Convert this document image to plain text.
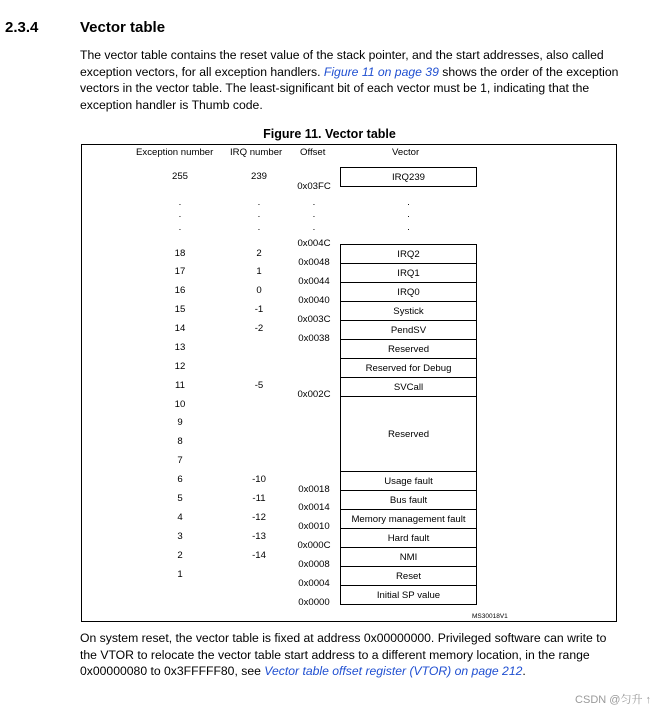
2.3.4	Vector table
The vector table contains the reset value of the stack pointer, and the start addresses, also called exception vectors, for all exception handlers. Figure 11 on page 39 shows the order of the exception vectors in the vector table. The least-significant bit of each vector must be 1, indicating that the exception handler is Thumb code.
Figure 11. Vector table
Exception number IRQ number Offset	Vector
255
.
.
.
18
17
16
15
14
13
12
11
10
9
8
7
6
5
4
3
2
1
239
.
.
.
2
1
0
-1
-2
-5
-10
-11
-12
-13
-14
0x03FC
.
.
.
0x004C
0x0048
0x0044
0x0040
0x003C
0x0038
0x002C
0x0018
0x0014
0x0010
0x000C
0x0008
0x0004
0x0000
IRQ239
.
.
.
IRQ2
IRQ1
IRQ0
Systick
PendSV
Reserved
Reserved for Debug
SVCall
Reserved
Usage fault
Bus fault
Memory management fault
Hard fault
NMI
Reset
Initial SP value
MS30018V1
On system reset, the vector table is fixed at address 0x00000000. Privileged software can write to the VTOR to relocate the vector table start address to a different memory location, in the range 0x00000080 to 0x3FFFFF80, see Vector table offset register (VTOR) on page 212.
CSDN @匀升 ↑
